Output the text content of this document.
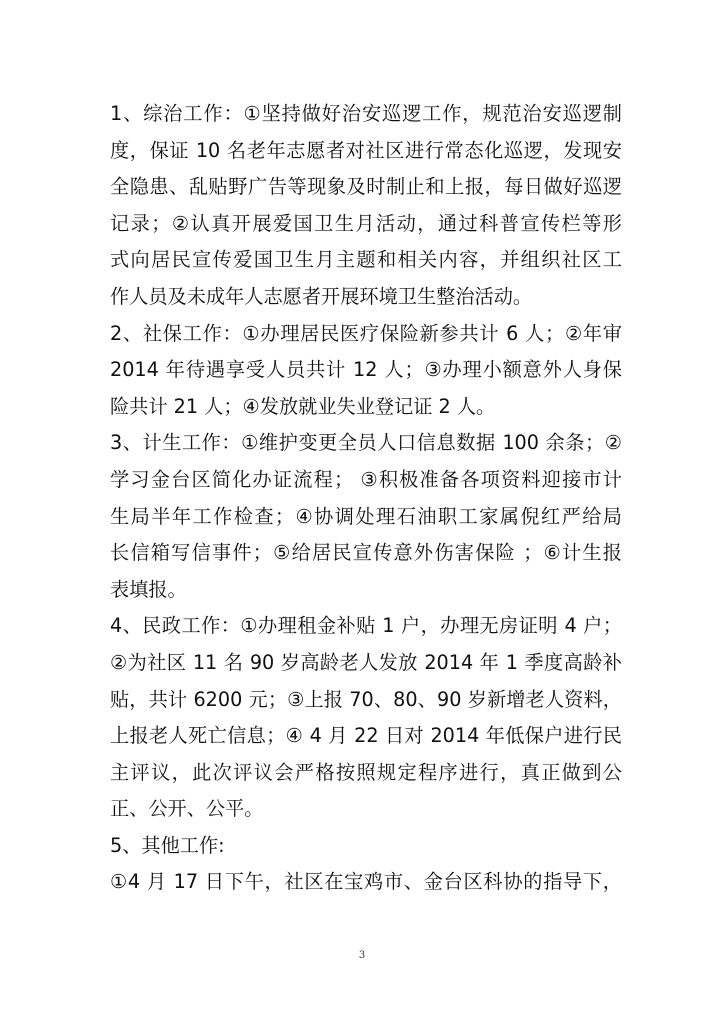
1、综治工作：①坚持做好治安巡逻工作，规范治安巡逻制
度，保证 10 名老年志愿者对社区进行常态化巡逻，发现安
全隐患、乱贴野广告等现象及时制止和上报，每日做好巡逻
记录；②认真开展爱国卫生月活动，通过科普宣传栏等形
式向居民宣传爱国卫生月主题和相关内容，并组织社区工
作人员及未成年人志愿者开展环境卫生整治活动。
2、社保工作：①办理居民医疗保险新参共计 6 人；②年审
2014 年待遇享受人员共计 12 人；③办理小额意外人身保
险共计 21 人；④发放就业失业登记证 2 人。
3、计生工作：①维护变更全员人口信息数据 100 余条；②
学习金台区简化办证流程； ③积极准备各项资料迎接市计
生局半年工作检查；④协调处理石油职工家属倪红严给局
长信箱写信事件；⑤给居民宣传意外伤害保险 ；⑥计生报
表填报。
4、民政工作：①办理租金补贴 1 户，办理无房证明 4 户；
②为社区 11 名 90 岁高龄老人发放 2014 年 1 季度高龄补
贴，共计 6200 元；③上报 70、80、90 岁新增老人资料，
上报老人死亡信息；④ 4 月 22 日对 2014 年低保户进行民
主评议，此次评议会严格按照规定程序进行，真正做到公
正、公开、公平。
5、其他工作:
①4 月 17 日下午，社区在宝鸡市、金台区科协的指导下，
3
